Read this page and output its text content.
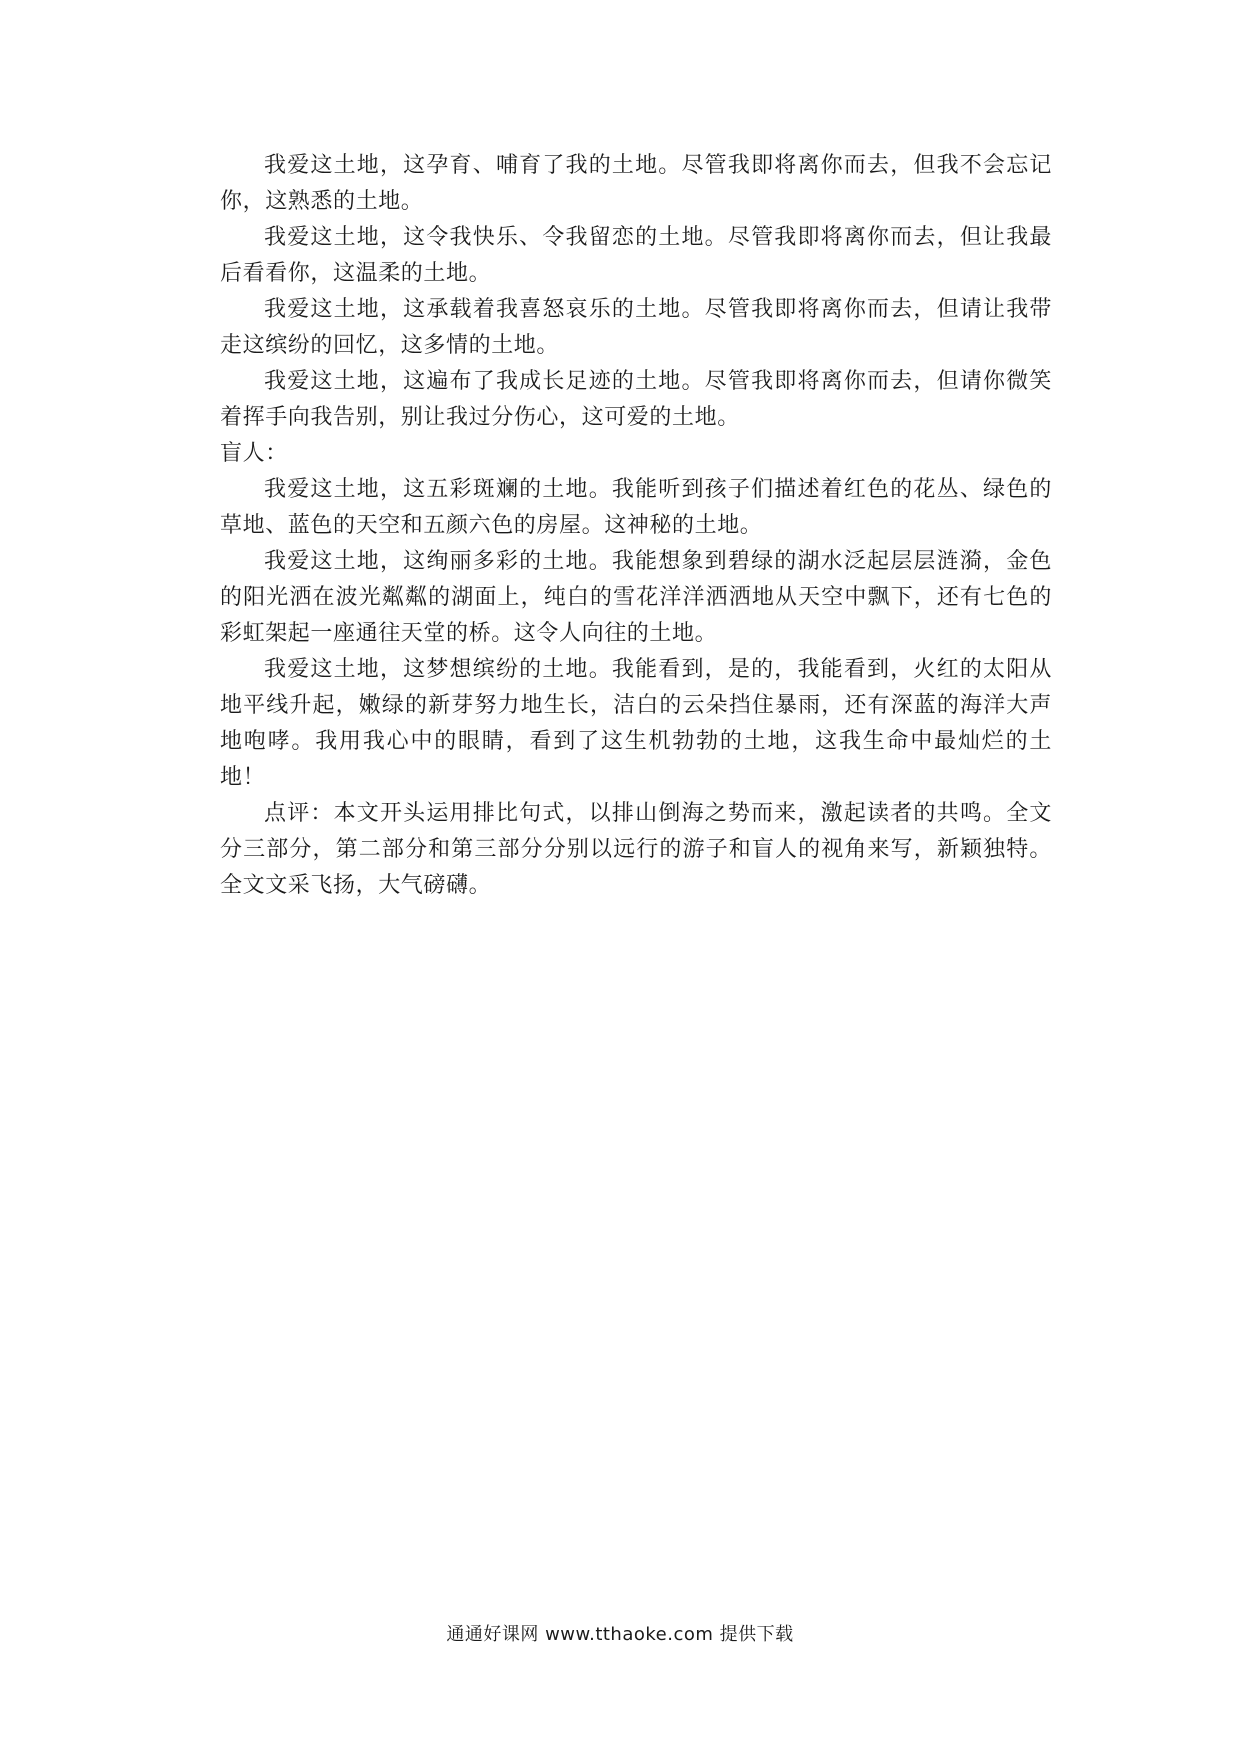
我爱这土地，这孕育、哺育了我的土地。尽管我即将离你而去，但我不会忘记你，这熟悉的土地。

我爱这土地，这令我快乐、令我留恋的土地。尽管我即将离你而去，但让我最后看看你，这温柔的土地。

我爱这土地，这承载着我喜怒哀乐的土地。尽管我即将离你而去，但请让我带走这缤纷的回忆，这多情的土地。

我爱这土地，这遍布了我成长足迹的土地。尽管我即将离你而去，但请你微笑着挥手向我告别，别让我过分伤心，这可爱的土地。

盲人：

我爱这土地，这五彩斑斓的土地。我能听到孩子们描述着红色的花丛、绿色的草地、蓝色的天空和五颜六色的房屋。这神秘的土地。

我爱这土地，这绚丽多彩的土地。我能想象到碧绿的湖水泛起层层涟漪，金色的阳光洒在波光粼粼的湖面上，纯白的雪花洋洋洒洒地从天空中飘下，还有七色的彩虹架起一座通往天堂的桥。这令人向往的土地。

我爱这土地，这梦想缤纷的土地。我能看到，是的，我能看到，火红的太阳从地平线升起，嫩绿的新芽努力地生长，洁白的云朵挡住暴雨，还有深蓝的海洋大声地咆哮。我用我心中的眼睛，看到了这生机勃勃的土地，这我生命中最灿烂的土地！

点评：本文开头运用排比句式，以排山倒海之势而来，激起读者的共鸣。全文分三部分，第二部分和第三部分分别以远行的游子和盲人的视角来写，新颖独特。全文文采飞扬，大气磅礴。

通通好课网 www.tthaoke.com 提供下载
